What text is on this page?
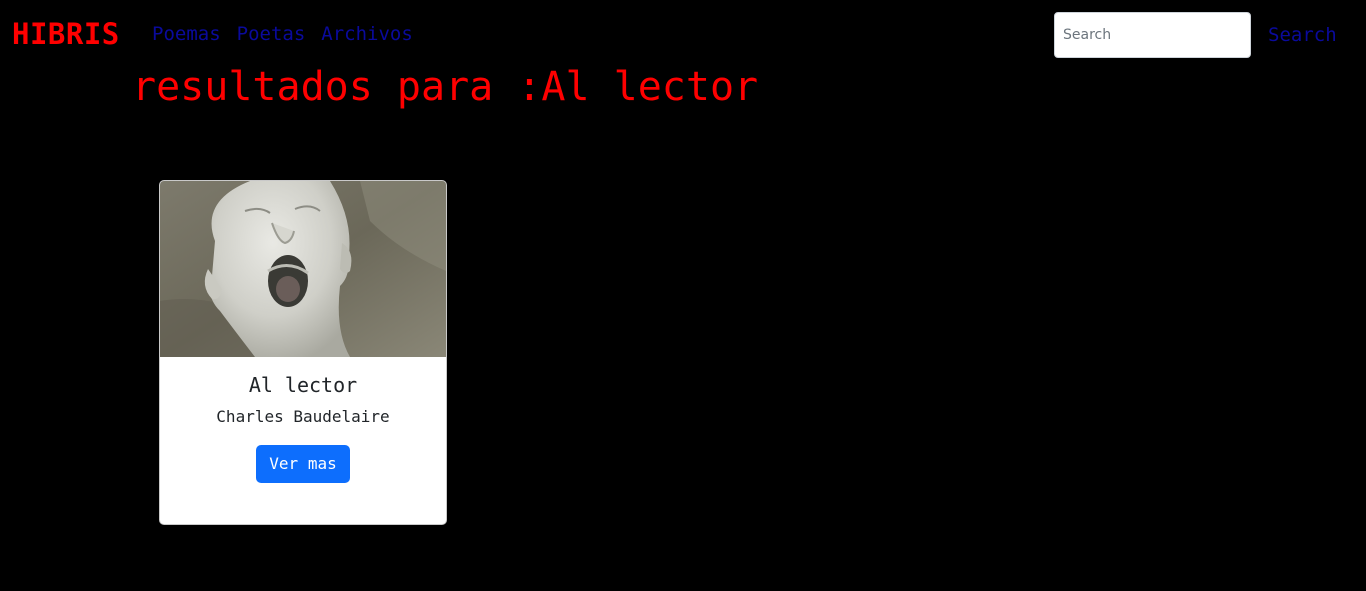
HIBRIS Poemas Poetas Archivos
Search	Search
resultados para :Al lector
Al lector

Charles Baudelaire

Ver mas
